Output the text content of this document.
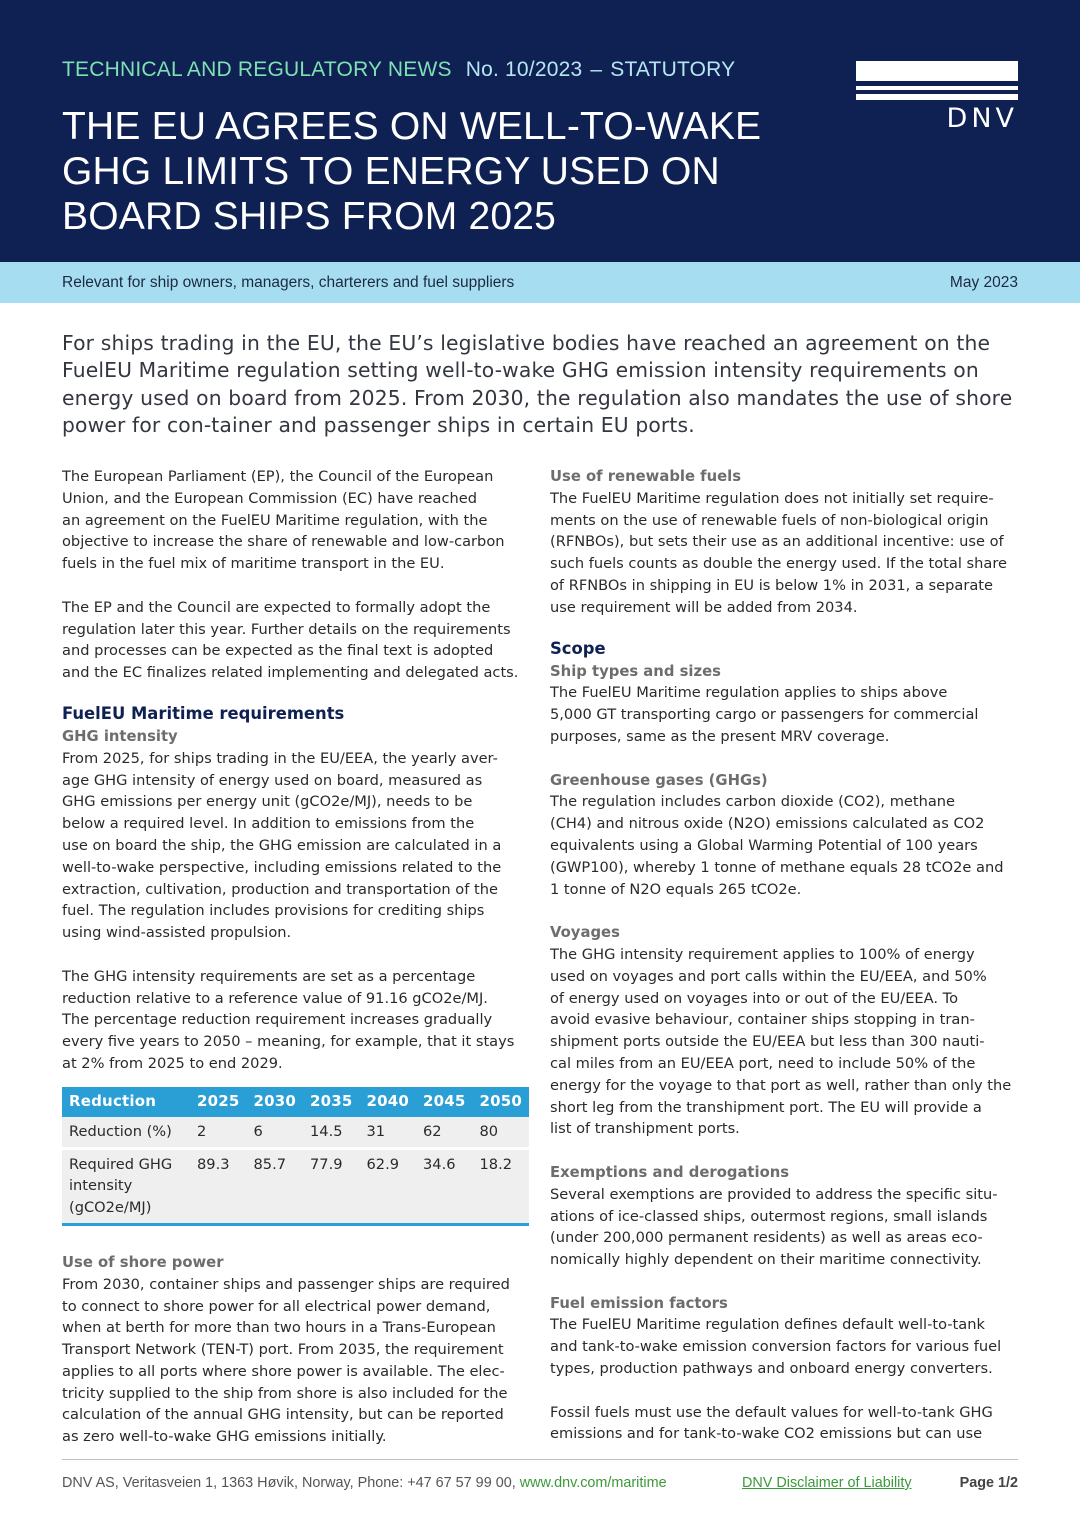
TECHNICAL AND REGULATORY NEWS No. 10/2023 – STATUTORY
THE EU AGREES ON WELL-TO-WAKE
GHG LIMITS TO ENERGY USED ON
BOARD SHIPS FROM 2025
DNV
Relevant for ship owners, managers, charterers and fuel suppliers	May 2023
For ships trading in the EU, the EU’s legislative bodies have reached an agreement on the
FuelEU Maritime regulation setting well-to-wake GHG emission intensity requirements on
energy used on board from 2025. From 2030, the regulation also mandates the use of shore
power for con-tainer and passenger ships in certain EU ports.

The European Parliament (EP), the Council of the European
Union, and the European Commission (EC) have reached
an agreement on the FuelEU Maritime regulation, with the
objective to increase the share of renewable and low-carbon
fuels in the fuel mix of maritime transport in the EU.

The EP and the Council are expected to formally adopt the
regulation later this year. Further details on the requirements
and processes can be expected as the final text is adopted
and the EC finalizes related implementing and delegated acts.

FuelEU Maritime requirements
GHG intensity

From 2025, for ships trading in the EU/EEA, the yearly aver-
age GHG intensity of energy used on board, measured as
GHG emissions per energy unit (gCO2e/MJ), needs to be
below a required level. In addition to emissions from the
use on board the ship, the GHG emission are calculated in a
well-to-wake perspective, including emissions related to the
extraction, cultivation, production and transportation of the
fuel. The regulation includes provisions for crediting ships
using wind-assisted propulsion.

The GHG intensity requirements are set as a percentage
reduction relative to a reference value of 91.16 gCO2e/MJ.
The percentage reduction requirement increases gradually
every five years to 2050 – meaning, for example, that it stays
at 2% from 2025 to end 2029.

Reduction	2025	2030	2035	2040	2045	2050
Reduction (%)	2	6	14.5	31	62	80
Required GHG intensity (gCO2e/MJ)	89.3	85.7	77.9	62.9	34.6	18.2
Use of shore power

From 2030, container ships and passenger ships are required
to connect to shore power for all electrical power demand,
when at berth for more than two hours in a Trans-European
Transport Network (TEN-T) port. From 2035, the requirement
applies to all ports where shore power is available. The elec-
tricity supplied to the ship from shore is also included for the
calculation of the annual GHG intensity, but can be reported
as zero well-to-wake GHG emissions initially.

Use of renewable fuels

The FuelEU Maritime regulation does not initially set require-
ments on the use of renewable fuels of non-biological origin
(RFNBOs), but sets their use as an additional incentive: use of
such fuels counts as double the energy used. If the total share
of RFNBOs in shipping in EU is below 1% in 2031, a separate
use requirement will be added from 2034.

Scope
Ship types and sizes

The FuelEU Maritime regulation applies to ships above
5,000 GT transporting cargo or passengers for commercial
purposes, same as the present MRV coverage.

Greenhouse gases (GHGs)

The regulation includes carbon dioxide (CO2), methane
(CH4) and nitrous oxide (N2O) emissions calculated as CO2
equivalents using a Global Warming Potential of 100 years
(GWP100), whereby 1 tonne of methane equals 28 tCO2e and
1 tonne of N2O equals 265 tCO2e.

Voyages

The GHG intensity requirement applies to 100% of energy
used on voyages and port calls within the EU/EEA, and 50%
of energy used on voyages into or out of the EU/EEA. To
avoid evasive behaviour, container ships stopping in tran-
shipment ports outside the EU/EEA but less than 300 nauti-
cal miles from an EU/EEA port, need to include 50% of the
energy for the voyage to that port as well, rather than only the
short leg from the transhipment port. The EU will provide a
list of transhipment ports.

Exemptions and derogations

Several exemptions are provided to address the specific situ-
ations of ice-classed ships, outermost regions, small islands
(under 200,000 permanent residents) as well as areas eco-
nomically highly dependent on their maritime connectivity.

Fuel emission factors

The FuelEU Maritime regulation defines default well-to-tank
and tank-to-wake emission conversion factors for various fuel
types, production pathways and onboard energy converters.

Fossil fuels must use the default values for well-to-tank GHG
emissions and for tank-to-wake CO2 emissions but can use

DNV AS, Veritasveien 1, 1363 Høvik, Norway, Phone: +47 67 57 99 00, www.dnv.com/maritime	DNV Disclaimer of Liability	Page 1/2
